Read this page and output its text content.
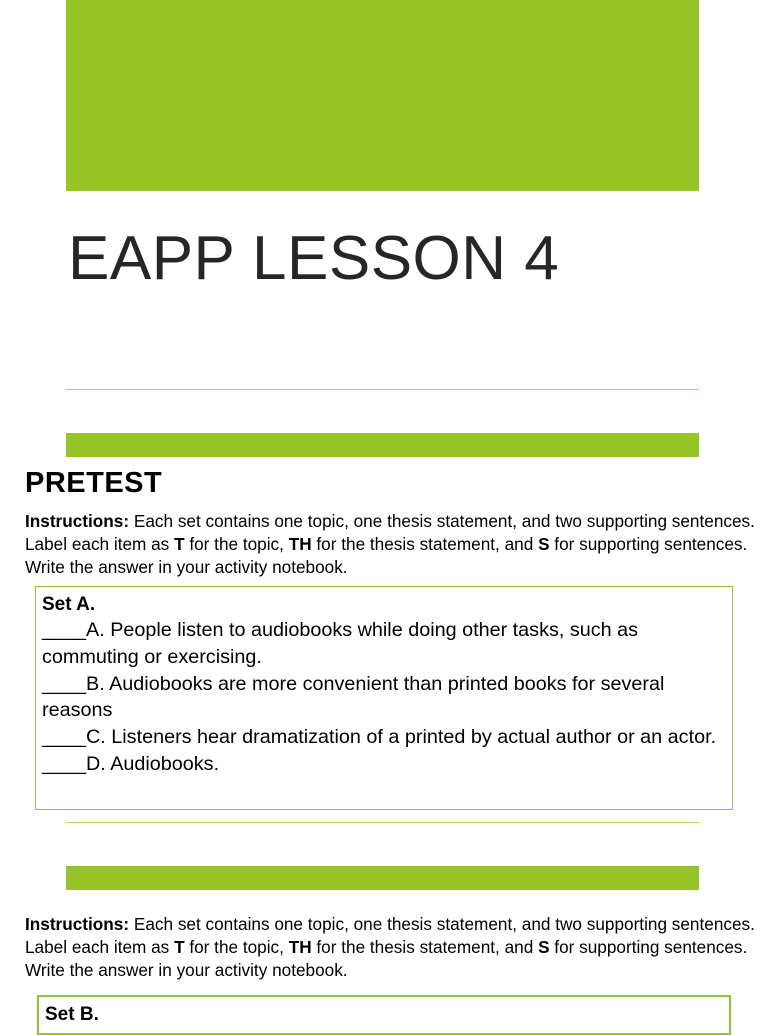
EAPP LESSON 4
PRETEST

Instructions: Each set contains one topic, one thesis statement, and two supporting sentences. Label each item as T for the topic, TH for the thesis statement, and S for supporting sentences. Write the answer in your activity notebook.

Set A.

____A. People listen to audiobooks while doing other tasks, such as commuting or exercising.

____B. Audiobooks are more convenient than printed books for several reasons

____C. Listeners hear dramatization of a printed by actual author or an actor.

____D. Audiobooks.

Instructions: Each set contains one topic, one thesis statement, and two supporting sentences. Label each item as T for the topic, TH for the thesis statement, and S for supporting sentences. Write the answer in your activity notebook.

Set B.
